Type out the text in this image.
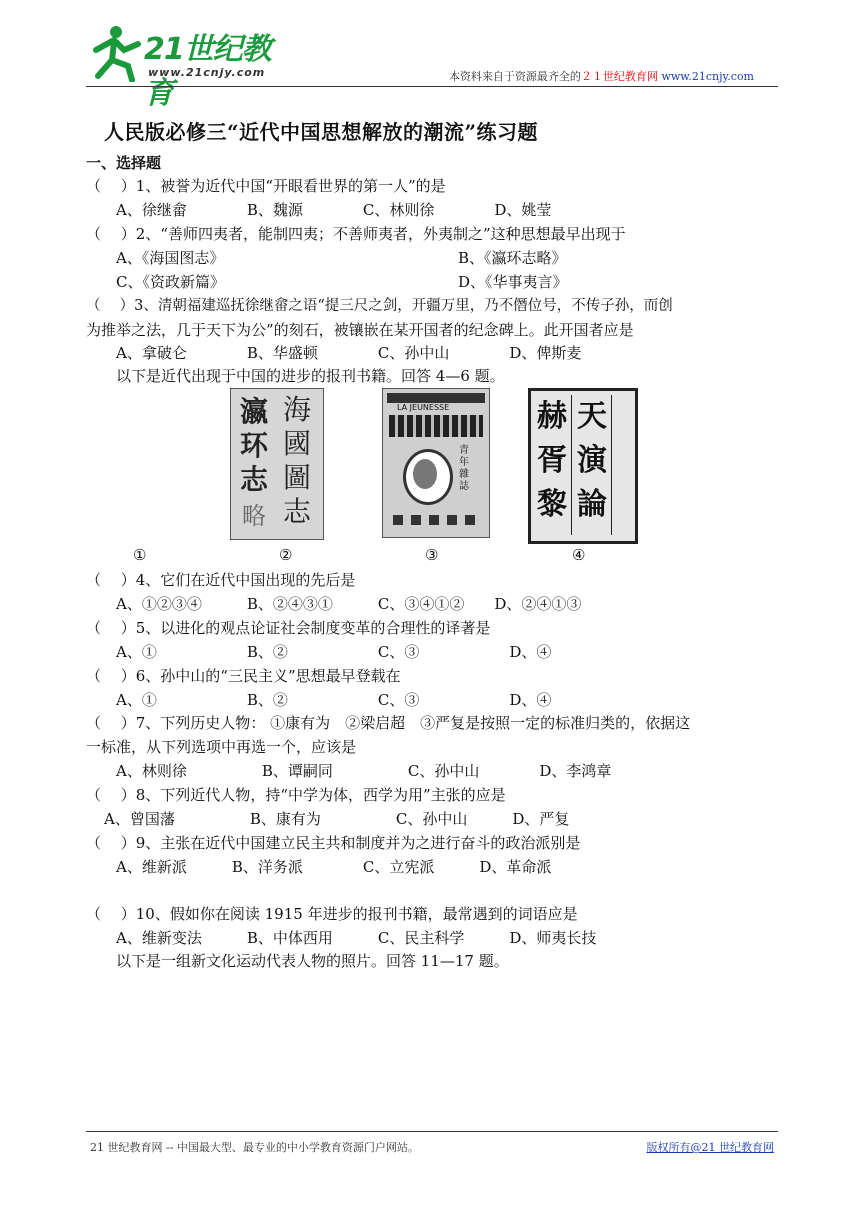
21世纪教育
www.21cnjy.com	本资料来自于资源最齐全的２１世纪教育网 www.21cnjy.com
人民版必修三“近代中国思想解放的潮流”练习题
一、选择题
（　 ）1、被誉为近代中国“开眼看世界的第一人”的是
A、徐继畲　　　　B、魏源　　　　C、林则徐　　　　D、姚莹
（　 ）2、“善师四夷者，能制四夷；不善师夷者，外夷制之”这种思想最早出现于
A、《海国图志》	B、《瀛环志略》
C、《资政新篇》	D、《华事夷言》
（　 ）3、清朝福建巡抚徐继畲之语“提三尺之剑，开疆万里，乃不僭位号，不传子孙，而创
为推举之法，几于天下为公”的刻石，被镶嵌在某开国者的纪念碑上。此开国者应是
A、拿破仑　　　　B、华盛顿　　　　C、孙中山　　　　D、俾斯麦
以下是近代出现于中国的进步的报刊书籍。回答 4—6 题。
瀛
环
志
海
國
圖
志
略
LA JEUNESSE
青年雜誌
赫
胥
黎
天
演
論
①	②	③	④
（　 ）4、它们在近代中国出现的先后是
A、①②③④　　　B、②④③①　　　C、③④①②　　D、②④①③
（　 ）5、以进化的观点论证社会制度变革的合理性的译著是
A、①　　　　　　B、②　　　　　　C、③　　　　　　D、④
（　 ）6、孙中山的“三民主义”思想最早登载在
A、①　　　　　　B、②　　　　　　C、③　　　　　　D、④
（　 ）7、下列历史人物： ①康有为　②梁启超　③严复是按照一定的标准归类的，依据这
一标准，从下列选项中再选一个，应该是
A、林则徐　　　　　B、谭嗣同　　　　　C、孙中山　　　　D、李鸿章
（　 ）8、下列近代人物，持“中学为体，西学为用”主张的应是
A、曾国藩　　　　　B、康有为　　　　　C、孙中山　　　D、严复
（　 ）9、主张在近代中国建立民主共和制度并为之进行奋斗的政治派别是
A、维新派　　　B、洋务派　　　　C、立宪派　　　D、革命派
（　 ）10、假如你在阅读 1915 年进步的报刊书籍，最常遇到的词语应是
A、维新变法　　　B、中体西用　　　C、民主科学　　　D、师夷长技
以下是一组新文化运动代表人物的照片。回答 11—17 题。
21 世纪教育网 -- 中国最大型、最专业的中小学教育资源门户网站。	版权所有@21 世纪教育网
